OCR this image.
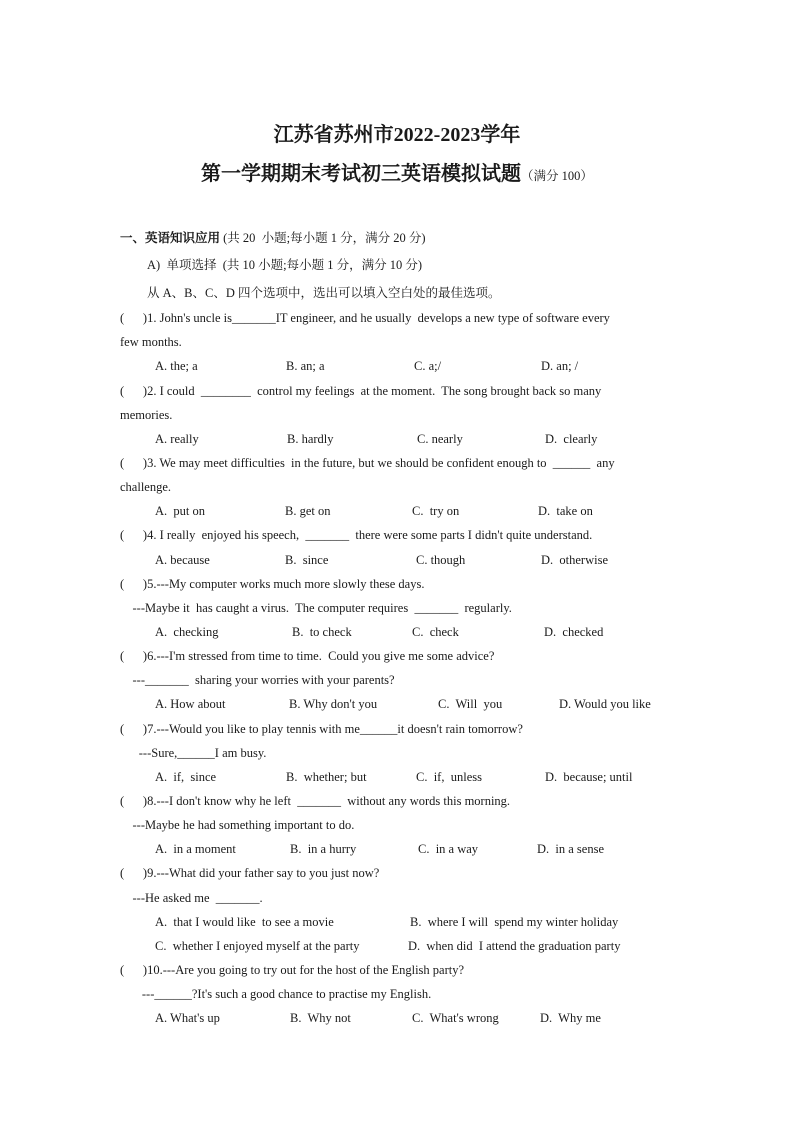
江苏省苏州市2022-2023学年
第一学期期末考试初三英语模拟试题（满分 100）
一、英语知识应用 (共 20  小题;每小题 1 分，满分 20 分)
A)  单项选择  (共 10 小题;每小题 1 分，满分 10 分)
从 A、B、C、D 四个选项中，选出可以填入空白处的最佳选项。
(      )1. John's uncle is_______IT engineer, and he usually  develops a new type of software every
few months.
A. the; a	B. an; a	C. a;/	D. an; /
(      )2. I could  ________  control my feelings  at the moment.  The song brought back so many
memories.
A. really	B. hardly	C. nearly	D.  clearly
(      )3. We may meet difficulties  in the future, but we should be confident enough to  ______  any
challenge.
A.  put on	B. get on	C.  try on	D.  take on
(      )4. I really  enjoyed his speech,  _______  there were some parts I didn't quite understand.
A. because	B.  since	C. though	D.  otherwise
(      )5.---My computer works much more slowly these days.
---Maybe it  has caught a virus.  The computer requires  _______  regularly.
A.  checking	B.  to check	C.  check	D.  checked
(      )6.---I'm stressed from time to time.  Could you give me some advice?
---_______  sharing your worries with your parents?
A. How about	B. Why don't you	C.  Will  you	D. Would you like
(      )7.---Would you like to play tennis with me______it doesn't rain tomorrow?
---Sure,______I am busy.
A.  if,  since	B.  whether; but	C.  if,  unless	D.  because; until
(      )8.---I don't know why he left  _______  without any words this morning.
---Maybe he had something important to do.
A.  in a moment	B.  in a hurry	C.  in a way	D.  in a sense
(      )9.---What did your father say to you just now?
---He asked me  _______.
A.  that I would like  to see a movie	B.  where I will  spend my winter holiday
C.  whether I enjoyed myself at the party	D.  when did  I attend the graduation party
(      )10.---Are you going to try out for the host of the English party?
---______?It's such a good chance to practise my English.
A. What's up	B.  Why not	C.  What's wrong	D.  Why me
